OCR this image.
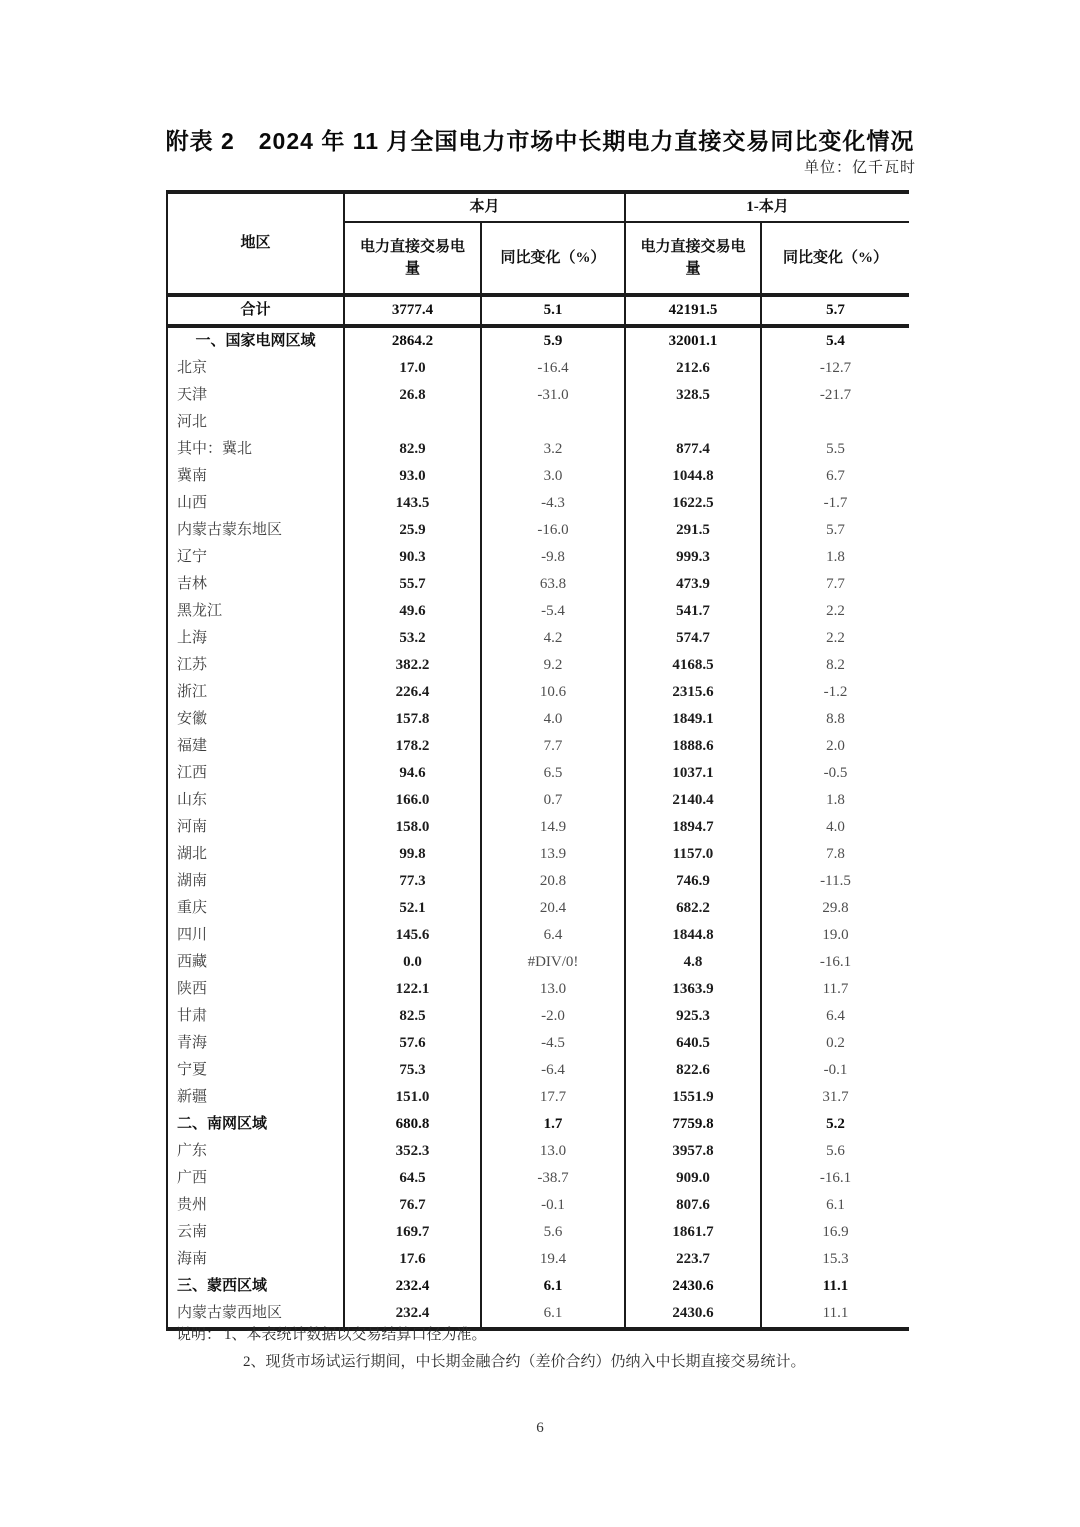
附表 2　2024 年 11 月全国电力市场中长期电力直接交易同比变化情况
单位：亿千瓦时
地区	本月		1-本月	
	电力直接交易电量	同比变化（%）	电力直接交易电量	同比变化（%）
合计	3777.4	5.1	42191.5	5.7
一、国家电网区域	2864.2	5.9	32001.1	5.4
北京	17.0	-16.4	212.6	-12.7
天津	26.8	-31.0	328.5	-21.7
河北				
其中：冀北	82.9	3.2	877.4	5.5
冀南	93.0	3.0	1044.8	6.7
山西	143.5	-4.3	1622.5	-1.7
内蒙古蒙东地区	25.9	-16.0	291.5	5.7
辽宁	90.3	-9.8	999.3	1.8
吉林	55.7	63.8	473.9	7.7
黑龙江	49.6	-5.4	541.7	2.2
上海	53.2	4.2	574.7	2.2
江苏	382.2	9.2	4168.5	8.2
浙江	226.4	10.6	2315.6	-1.2
安徽	157.8	4.0	1849.1	8.8
福建	178.2	7.7	1888.6	2.0
江西	94.6	6.5	1037.1	-0.5
山东	166.0	0.7	2140.4	1.8
河南	158.0	14.9	1894.7	4.0
湖北	99.8	13.9	1157.0	7.8
湖南	77.3	20.8	746.9	-11.5
重庆	52.1	20.4	682.2	29.8
四川	145.6	6.4	1844.8	19.0
西藏	0.0	#DIV/0!	4.8	-16.1
陕西	122.1	13.0	1363.9	11.7
甘肃	82.5	-2.0	925.3	6.4
青海	57.6	-4.5	640.5	0.2
宁夏	75.3	-6.4	822.6	-0.1
新疆	151.0	17.7	1551.9	31.7
二、南网区域	680.8	1.7	7759.8	5.2
广东	352.3	13.0	3957.8	5.6
广西	64.5	-38.7	909.0	-16.1
贵州	76.7	-0.1	807.6	6.1
云南	169.7	5.6	1861.7	16.9
海南	17.6	19.4	223.7	15.3
三、蒙西区域	232.4	6.1	2430.6	11.1
内蒙古蒙西地区	232.4	6.1	2430.6	11.1
说明： 1、本表统计数据以交易结算口径为准。
2、现货市场试运行期间，中长期金融合约（差价合约）仍纳入中长期直接交易统计。
6
